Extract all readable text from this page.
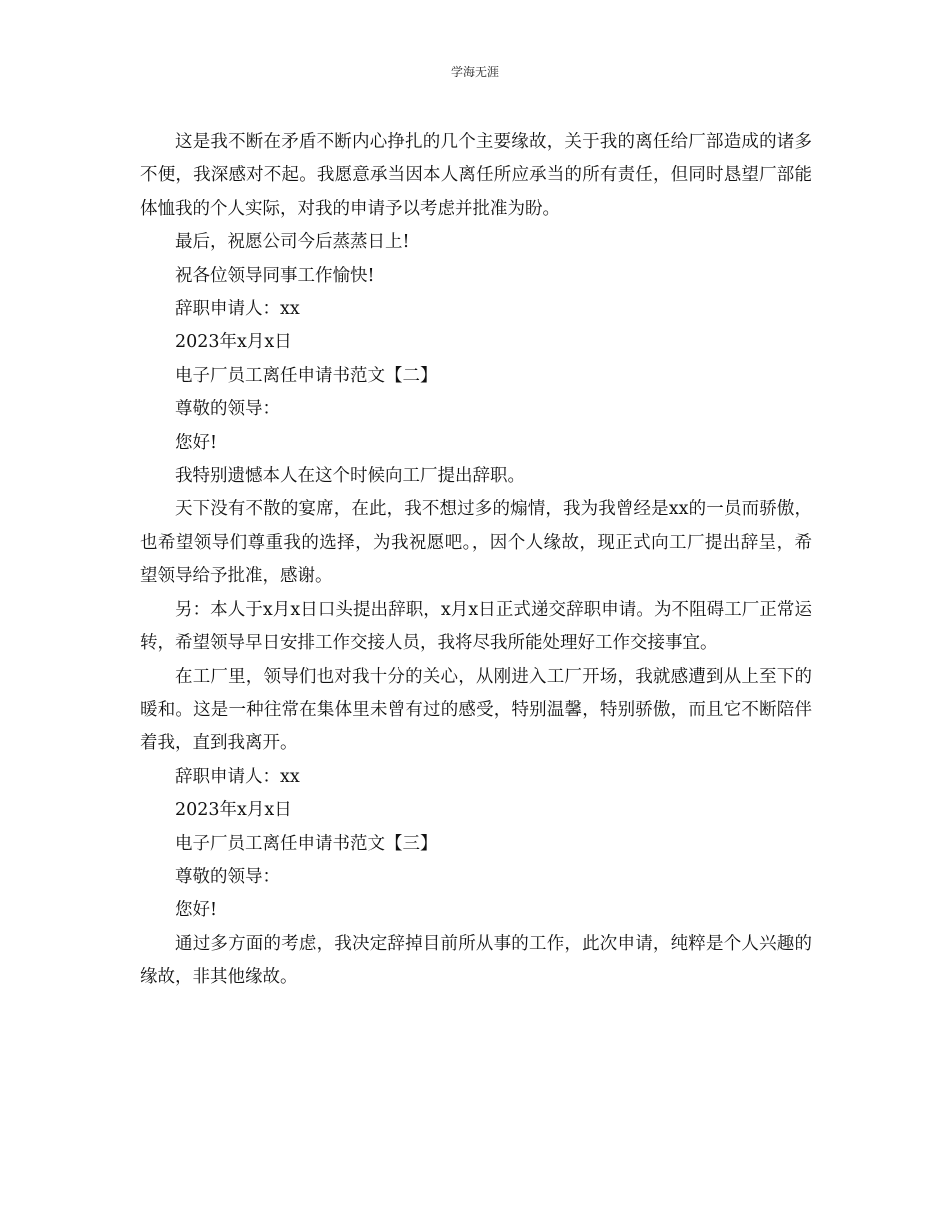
学海无涯

这是我不断在矛盾不断内心挣扎的几个主要缘故，关于我的离任给厂部造成的诸多不便，我深感对不起。我愿意承当因本人离任所应承当的所有责任，但同时恳望厂部能体恤我的个人实际，对我的申请予以考虑并批准为盼。

最后，祝愿公司今后蒸蒸日上!

祝各位领导同事工作愉快!

辞职申请人：xx

2023年x月x日

电子厂员工离任申请书范文【二】

尊敬的领导：

您好!

我特别遗憾本人在这个时候向工厂提出辞职。

天下没有不散的宴席，在此，我不想过多的煽情，我为我曾经是xx的一员而骄傲，也希望领导们尊重我的选择，为我祝愿吧。，因个人缘故，现正式向工厂提出辞呈，希望领导给予批准，感谢。

另：本人于x月x日口头提出辞职，x月x日正式递交辞职申请。为不阻碍工厂正常运转，希望领导早日安排工作交接人员，我将尽我所能处理好工作交接事宜。

在工厂里，领导们也对我十分的关心，从刚进入工厂开场，我就感遭到从上至下的暖和。这是一种往常在集体里未曾有过的感受，特别温馨，特别骄傲，而且它不断陪伴着我，直到我离开。

辞职申请人：xx

2023年x月x日

电子厂员工离任申请书范文【三】

尊敬的领导：

您好!

通过多方面的考虑，我决定辞掉目前所从事的工作，此次申请，纯粹是个人兴趣的缘故，非其他缘故。
